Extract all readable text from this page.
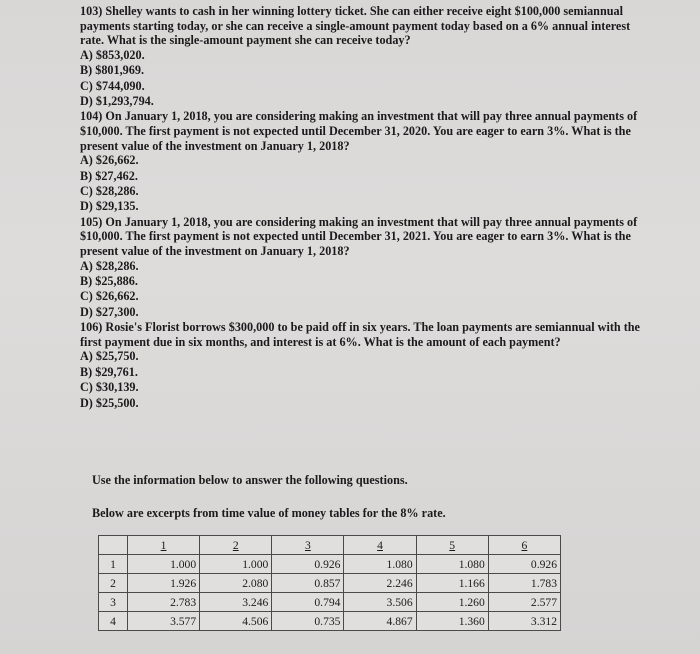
103) Shelley wants to cash in her winning lottery ticket. She can either receive eight $100,000 semiannual payments starting today, or she can receive a single-amount payment today based on a 6% annual interest rate. What is the single-amount payment she can receive today?
A) $853,020.
B) $801,969.
C) $744,090.
D) $1,293,794.
104) On January 1, 2018, you are considering making an investment that will pay three annual payments of $10,000. The first payment is not expected until December 31, 2020. You are eager to earn 3%. What is the present value of the investment on January 1, 2018?
A) $26,662.
B) $27,462.
C) $28,286.
D) $29,135.
105) On January 1, 2018, you are considering making an investment that will pay three annual payments of $10,000. The first payment is not expected until December 31, 2021. You are eager to earn 3%. What is the present value of the investment on January 1, 2018?
A) $28,286.
B) $25,886.
C) $26,662.
D) $27,300.
106) Rosie's Florist borrows $300,000 to be paid off in six years. The loan payments are semiannual with the first payment due in six months, and interest is at 6%. What is the amount of each payment?
A) $25,750.
B) $29,761.
C) $30,139.
D) $25,500.
Use the information below to answer the following questions.
Below are excerpts from time value of money tables for the 8% rate.
	1	2	3	4	5	6
1	1.000	1.000	0.926	1.080	1.080	0.926
2	1.926	2.080	0.857	2.246	1.166	1.783
3	2.783	3.246	0.794	3.506	1.260	2.577
4	3.577	4.506	0.735	4.867	1.360	3.312
